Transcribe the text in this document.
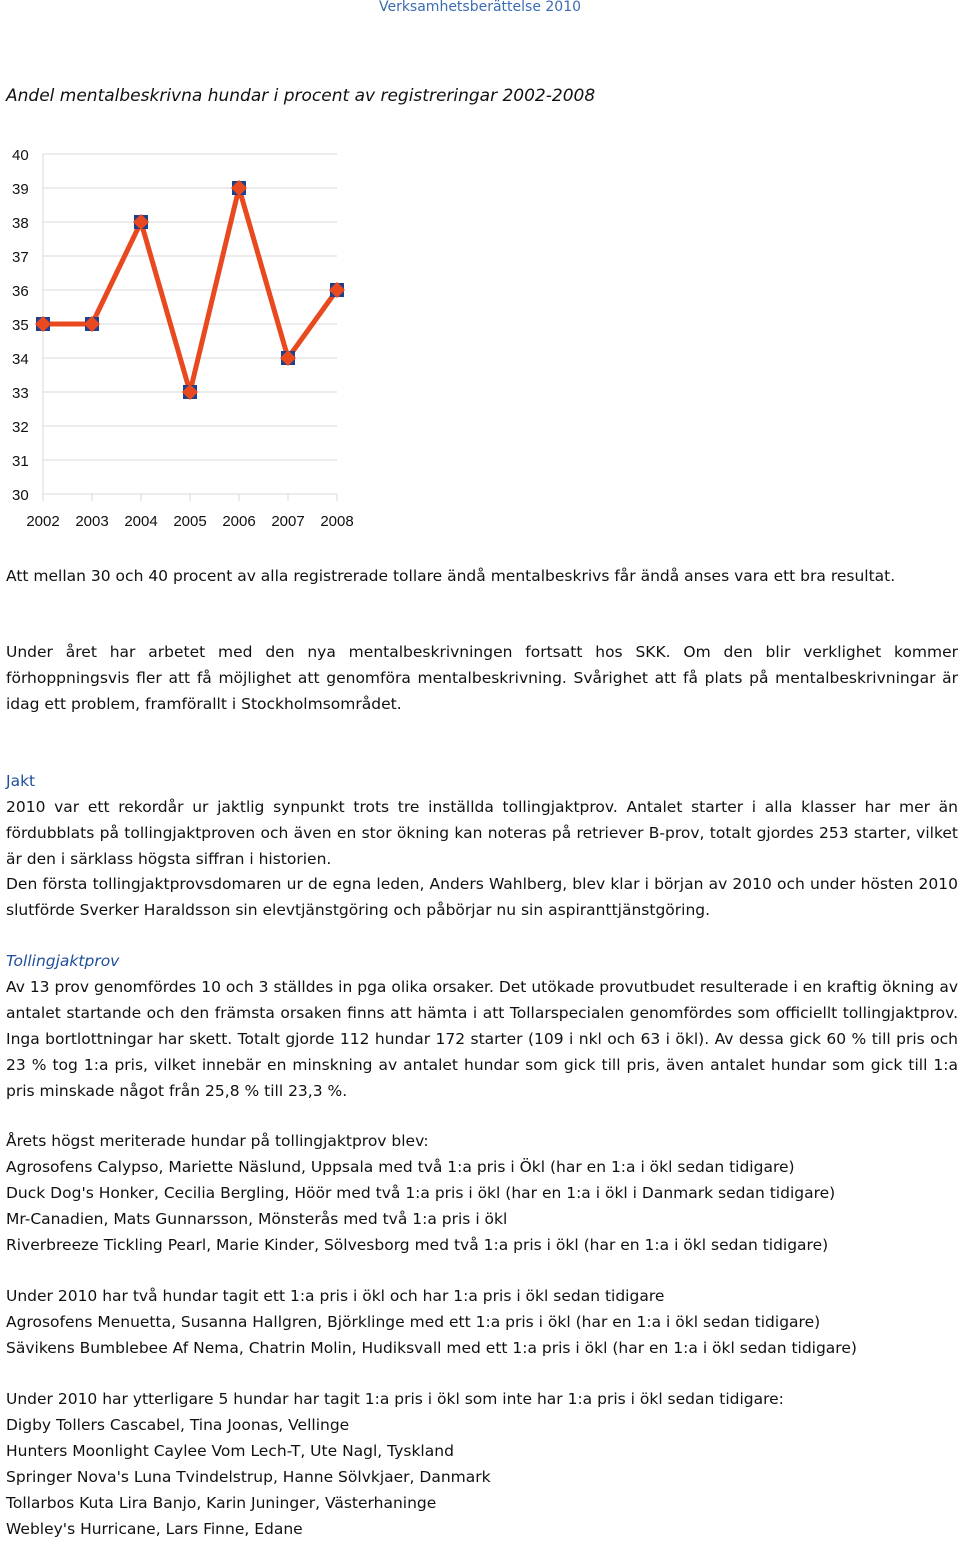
Verksamhetsberättelse 2010
Andel mentalbeskrivna hundar i procent av registreringar 2002-2008
30
31
32
33
34
35
36
37
38
39
40
2002 2003 2004 2005 2006 2007 2008
Att mellan 30 och 40 procent av alla registrerade tollare ändå mentalbeskrivs får ändå anses vara ett bra resultat.
Under året har arbetet med den nya mentalbeskrivningen fortsatt hos SKK. Om den blir verklighet kommer förhoppningsvis fler att få möjlighet att genomföra mentalbeskrivning. Svårighet att få plats på mentalbeskrivningar är idag ett problem, framförallt i Stockholmsområdet.
Jakt
2010 var ett rekordår ur jaktlig synpunkt trots tre inställda tollingjaktprov. Antalet starter i alla klasser har mer än fördubblats på tollingjaktproven och även en stor ökning kan noteras på retriever B-prov, totalt gjordes 253 starter, vilket är den i särklass högsta siffran i historien.
Den första tollingjaktprovsdomaren ur de egna leden, Anders Wahlberg, blev klar i början av 2010 och under hösten 2010 slutförde Sverker Haraldsson sin elevtjänstgöring och påbörjar nu sin aspiranttjänstgöring.
Tollingjaktprov
Av 13 prov genomfördes 10 och 3 ställdes in pga olika orsaker. Det utökade provutbudet resulterade i en kraftig ökning av antalet startande och den främsta orsaken finns att hämta i att Tollarspecialen genomfördes som officiellt tollingjaktprov. Inga bortlottningar har skett. Totalt gjorde 112 hundar 172 starter (109 i nkl och 63 i ökl). Av dessa gick 60 % till pris och 23 % tog 1:a pris, vilket innebär en minskning av antalet hundar som gick till pris, även antalet hundar som gick till 1:a pris minskade något från 25,8 % till 23,3 %.
Årets högst meriterade hundar på tollingjaktprov blev:
Agrosofens Calypso, Mariette Näslund, Uppsala med två 1:a pris i Ökl (har en 1:a i ökl sedan tidigare)
Duck Dog's Honker, Cecilia Bergling, Höör med två 1:a pris i ökl (har en 1:a i ökl i Danmark sedan tidigare)
Mr-Canadien, Mats Gunnarsson, Mönsterås med två 1:a pris i ökl
Riverbreeze Tickling Pearl, Marie Kinder, Sölvesborg med två 1:a pris i ökl (har en 1:a i ökl sedan tidigare)
Under 2010 har två hundar tagit ett 1:a pris i ökl och har 1:a pris i ökl sedan tidigare
Agrosofens Menuetta, Susanna Hallgren, Björklinge med ett 1:a pris i ökl (har en 1:a i ökl sedan tidigare)
Sävikens Bumblebee Af Nema, Chatrin Molin, Hudiksvall med ett 1:a pris i ökl (har en 1:a i ökl sedan tidigare)
Under 2010 har ytterligare 5 hundar har tagit 1:a pris i ökl som inte har 1:a pris i ökl sedan tidigare:
Digby Tollers Cascabel, Tina Joonas, Vellinge
Hunters Moonlight Caylee Vom Lech-T, Ute Nagl, Tyskland
Springer Nova's Luna Tvindelstrup, Hanne Sölvkjaer, Danmark
Tollarbos Kuta Lira Banjo, Karin Juninger, Västerhaninge
Webley's Hurricane, Lars Finne, Edane
